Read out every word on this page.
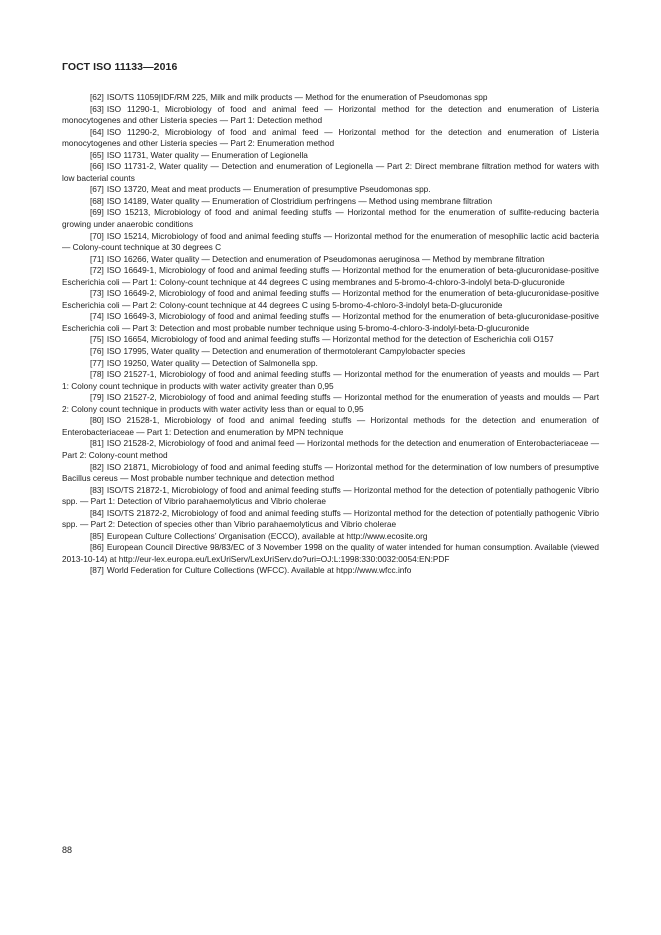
ГОСТ ISO 11133—2016

[62] ISO/TS 11059|IDF/RM 225, Milk and milk products — Method for the enumeration of Pseudomonas spp

[63] ISO 11290-1, Microbiology of food and animal feed — Horizontal method for the detection and enumeration of Listeria monocytogenes and other Listeria species — Part 1: Detection method

[64] ISO 11290-2, Microbiology of food and animal feed — Horizontal method for the detection and enumeration of Listeria monocytogenes and other Listeria species — Part 2: Enumeration method

[65] ISO 11731, Water quality — Enumeration of Legionella

[66] ISO 11731-2, Water quality — Detection and enumeration of Legionella — Part 2: Direct membrane filtration method for waters with low bacterial counts

[67] ISO 13720, Meat and meat products — Enumeration of presumptive Pseudomonas spp.

[68] ISO 14189, Water quality — Enumeration of Clostridium perfringens — Method using membrane filtration

[69] ISO 15213, Microbiology of food and animal feeding stuffs — Horizontal method for the enumeration of sulfite-reducing bacteria growing under anaerobic conditions

[70] ISO 15214, Microbiology of food and animal feeding stuffs — Horizontal method for the enumeration of mesophilic lactic acid bacteria — Colony-count technique at 30 degrees C

[71] ISO 16266, Water quality — Detection and enumeration of Pseudomonas aeruginosa — Method by membrane filtration

[72] ISO 16649-1, Microbiology of food and animal feeding stuffs — Horizontal method for the enumeration of beta-glucuronidase-positive Escherichia coli — Part 1: Colony-count technique at 44 degrees C using membranes and 5-bromo-4-chloro-3-indolyl beta-D-glucuronide

[73] ISO 16649-2, Microbiology of food and animal feeding stuffs — Horizontal method for the enumeration of beta-glucuronidase-positive Escherichia coli — Part 2: Colony-count technique at 44 degrees C using 5-bromo-4-chloro-3-indolyl beta-D-glucuronide

[74] ISO 16649-3, Microbiology of food and animal feeding stuffs — Horizontal method for the enumeration of beta-glucuronidase-positive Escherichia coli — Part 3: Detection and most probable number technique using 5-bromo-4-chloro-3-indolyl-beta-D-glucuronide

[75] ISO 16654, Microbiology of food and animal feeding stuffs — Horizontal method for the detection of Escherichia coli O157

[76] ISO 17995, Water quality — Detection and enumeration of thermotolerant Campylobacter species

[77] ISO 19250, Water quality — Detection of Salmonella spp.

[78] ISO 21527-1, Microbiology of food and animal feeding stuffs — Horizontal method for the enumeration of yeasts and moulds — Part 1: Colony count technique in products with water activity greater than 0,95

[79] ISO 21527-2, Microbiology of food and animal feeding stuffs — Horizontal method for the enumeration of yeasts and moulds — Part 2: Colony count technique in products with water activity less than or equal to 0,95

[80] ISO 21528-1, Microbiology of food and animal feeding stuffs — Horizontal methods for the detection and enumeration of Enterobacteriaceae — Part 1: Detection and enumeration by MPN technique

[81] ISO 21528-2, Microbiology of food and animal feed — Horizontal methods for the detection and enumeration of Enterobacteriaceae — Part 2: Colony-count method

[82] ISO 21871, Microbiology of food and animal feeding stuffs — Horizontal method for the determination of low numbers of presumptive Bacillus cereus — Most probable number technique and detection method

[83] ISO/TS 21872-1, Microbiology of food and animal feeding stuffs — Horizontal method for the detection of potentially pathogenic Vibrio spp. — Part 1: Detection of Vibrio parahaemolyticus and Vibrio cholerae

[84] ISO/TS 21872-2, Microbiology of food and animal feeding stuffs — Horizontal method for the detection of potentially pathogenic Vibrio spp. — Part 2: Detection of species other than Vibrio parahaemolyticus and Vibrio cholerae

[85] European Culture Collections’ Organisation (ECCO), available at http://www.ecosite.org

[86] European Council Directive 98/83/EC of 3 November 1998 on the quality of water intended for human consumption. Available (viewed 2013-10-14) at http://eur-lex.europa.eu/LexUriServ/LexUriServ.do?uri=OJ:L:1998:330:0032:0054:EN:PDF

[87] World Federation for Culture Collections (WFCC). Available at htpp://www.wfcc.info

88
